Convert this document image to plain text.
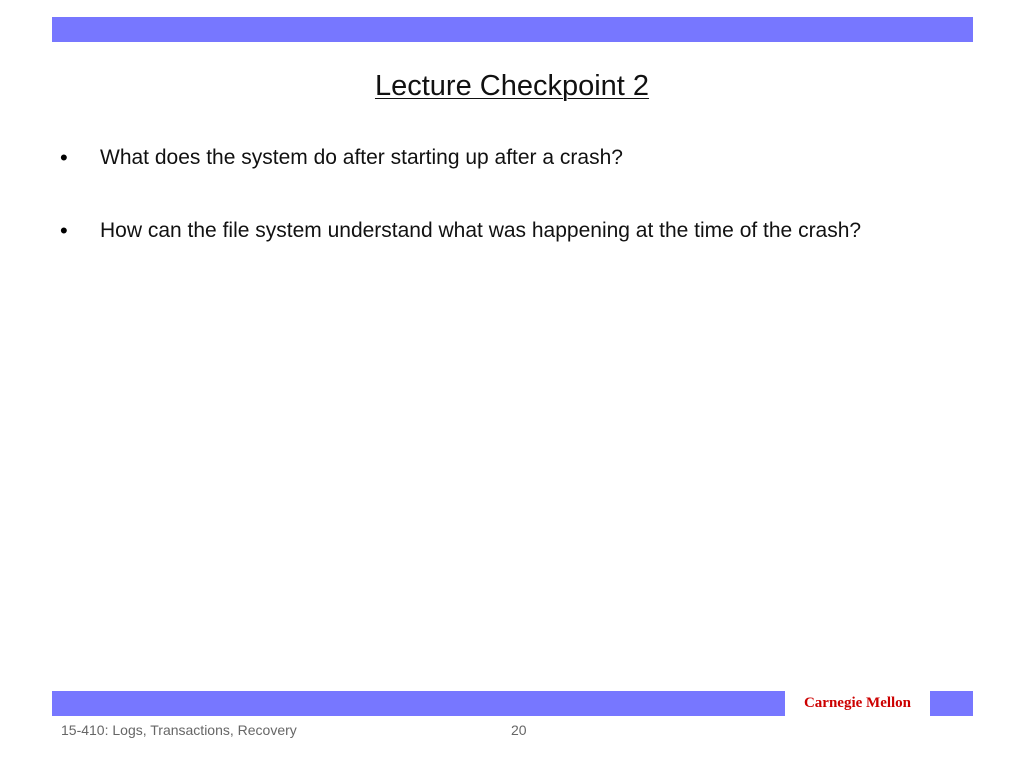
Lecture Checkpoint 2
• What does the system do after starting up after a crash?
• How can the file system understand what was happening at the time of the crash?
Carnegie Mellon
15-410: Logs, Transactions, Recovery	20
